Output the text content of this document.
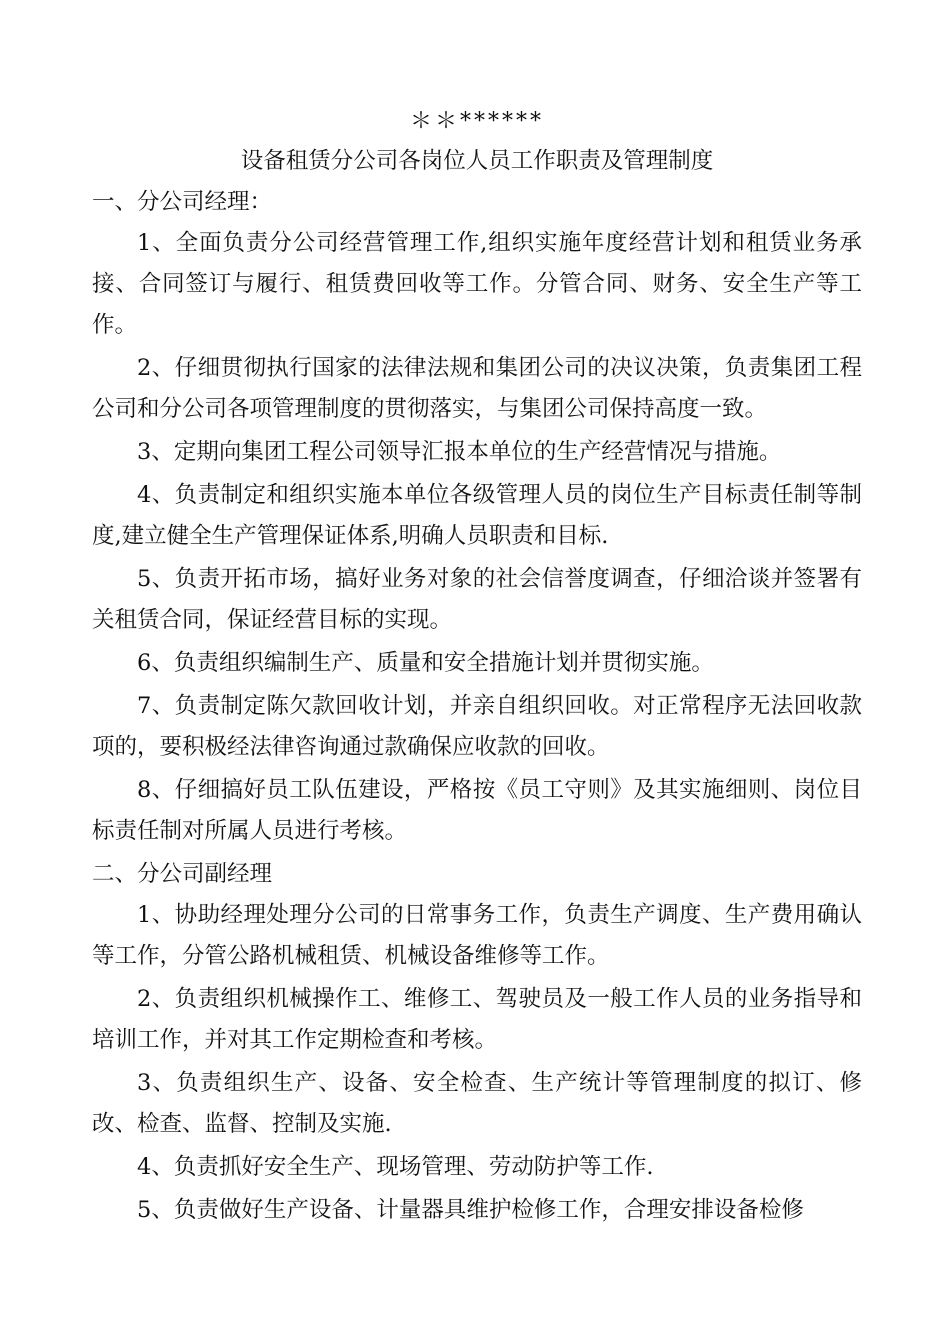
＊＊******
设备租赁分公司各岗位人员工作职责及管理制度
一、分公司经理：
1、全面负责分公司经营管理工作,组织实施年度经营计划和租赁业务承接、合同签订与履行、租赁费回收等工作。分管合同、财务、安全生产等工作。
2、仔细贯彻执行国家的法律法规和集团公司的决议决策，负责集团工程公司和分公司各项管理制度的贯彻落实，与集团公司保持高度一致。
3、定期向集团工程公司领导汇报本单位的生产经营情况与措施。
4、负责制定和组织实施本单位各级管理人员的岗位生产目标责任制等制度,建立健全生产管理保证体系,明确人员职责和目标.
5、负责开拓市场，搞好业务对象的社会信誉度调查，仔细洽谈并签署有关租赁合同，保证经营目标的实现。
6、负责组织编制生产、质量和安全措施计划并贯彻实施。
7、负责制定陈欠款回收计划，并亲自组织回收。对正常程序无法回收款项的，要积极经法律咨询通过款确保应收款的回收。
8、仔细搞好员工队伍建设，严格按《员工守则》及其实施细则、岗位目标责任制对所属人员进行考核。
二、分公司副经理
1、协助经理处理分公司的日常事务工作，负责生产调度、生产费用确认等工作，分管公路机械租赁、机械设备维修等工作。
2、负责组织机械操作工、维修工、驾驶员及一般工作人员的业务指导和培训工作，并对其工作定期检查和考核。
3、负责组织生产、设备、安全检查、生产统计等管理制度的拟订、修改、检查、监督、控制及实施.
4、负责抓好安全生产、现场管理、劳动防护等工作.
5、负责做好生产设备、计量器具维护检修工作，合理安排设备检修
